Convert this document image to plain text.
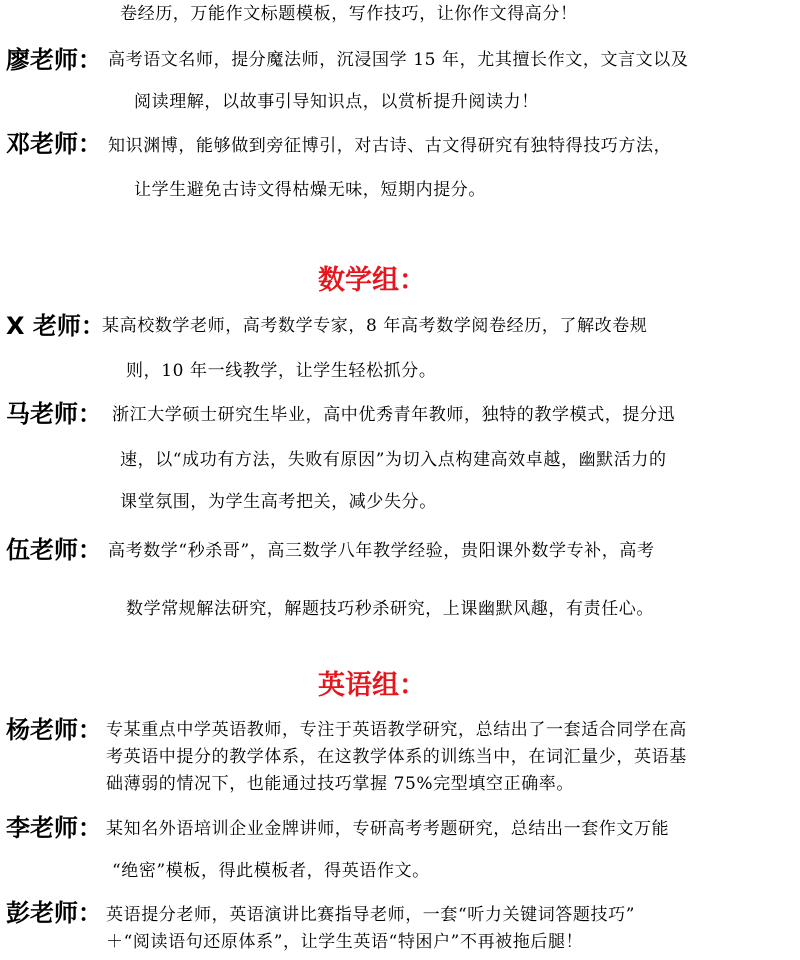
卷经历，万能作文标题模板，写作技巧，让你作文得高分！
廖老师： 高考语文名师，提分魔法师，沉浸国学 15 年，尤其擅长作文，文言文以及
阅读理解，以故事引导知识点，以赏析提升阅读力！
邓老师： 知识渊博，能够做到旁征博引，对古诗、古文得研究有独特得技巧方法，
让学生避免古诗文得枯燥无味，短期内提分。
数学组：
X 老师：
某高校数学老师，高考数学专家，8 年高考数学阅卷经历，了解改卷规
则，10 年一线教学，让学生轻松抓分。
马老师： 浙江大学硕士研究生毕业，高中优秀青年教师，独特的教学模式，提分迅
速，以“成功有方法，失败有原因”为切入点构建高效卓越，幽默活力的
课堂氛围，为学生高考把关，减少失分。
伍老师： 高考数学“秒杀哥”，高三数学八年教学经验，贵阳课外数学专补，高考
数学常规解法研究，解题技巧秒杀研究，上课幽默风趣，有责任心。
英语组：
杨老师： 专某重点中学英语教师，专注于英语教学研究，总结出了一套适合同学在高
考英语中提分的教学体系，在这教学体系的训练当中，在词汇量少，英语基
础薄弱的情况下，也能通过技巧掌握 75%完型填空正确率。
李老师： 某知名外语培训企业金牌讲师，专研高考考题研究，总结出一套作文万能
“绝密”模板，得此模板者，得英语作文。
彭老师： 英语提分老师，英语演讲比赛指导老师，一套“听力关键词答题技巧”
＋“阅读语句还原体系”，让学生英语“特困户”不再被拖后腿！
